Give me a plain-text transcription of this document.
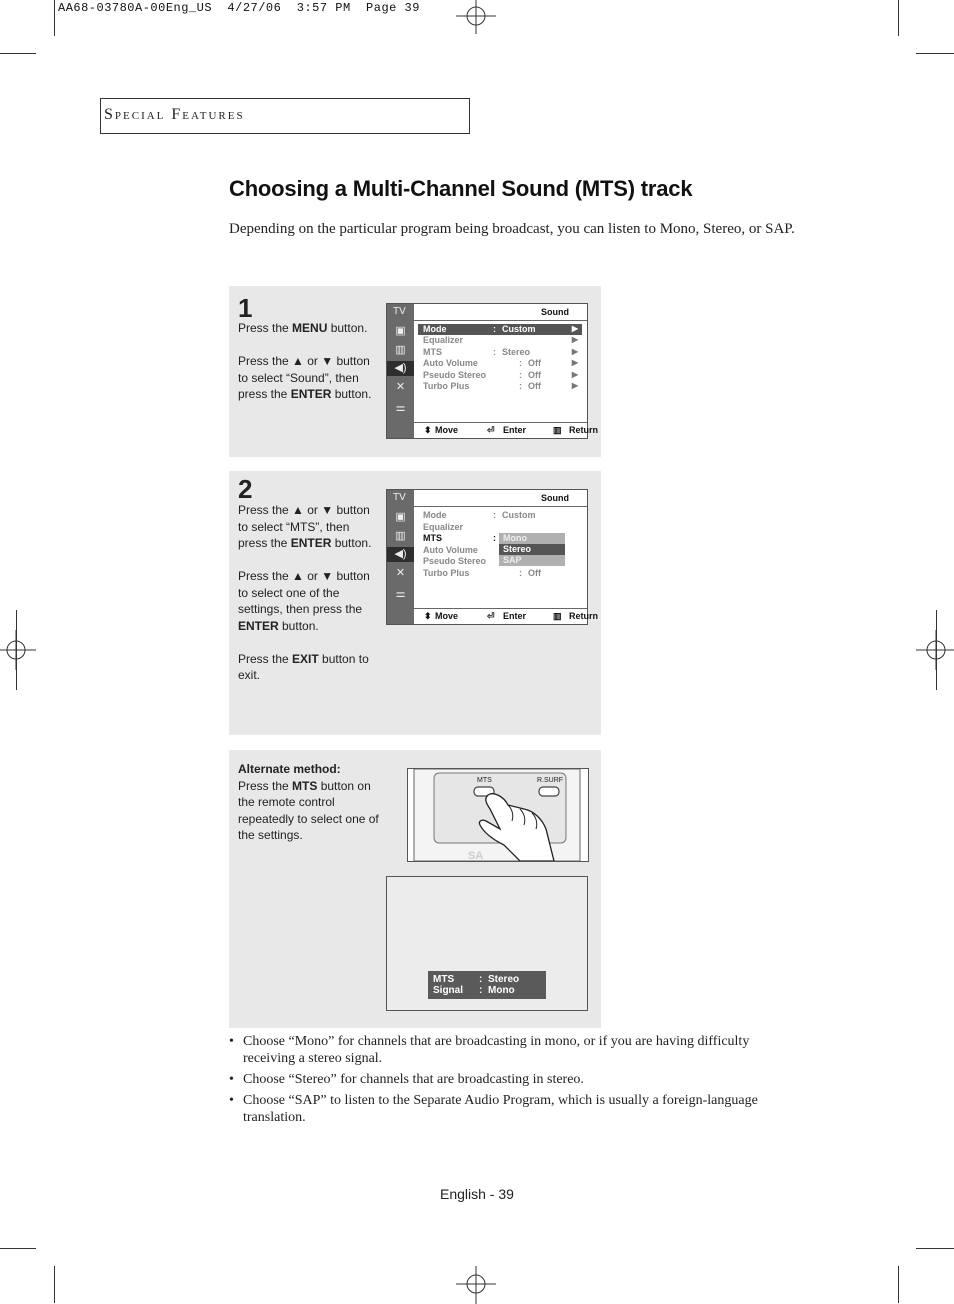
AA68-03780A-00Eng_US  4/27/06  3:57 PM  Page 39
Special Features
Choosing a Multi-Channel Sound (MTS) track
Depending on the particular program being broadcast, you can listen to Mono, Stereo, or SAP.
1

Press the MENU button.

Press the ▲ or ▼ button to select “Sound”, then press the ENTER button.

TV
▣
▥
◀)
✕
⚌
Sound
Mode	: Custom	▶
Equalizer	▶
MTS	: Stereo	▶
Auto Volume	: Off	▶
Pseudo Stereo	: Off	▶
Turbo Plus	: Off	▶
⬍ Move	⏎ Enter	▥ Return
2

Press the ▲ or ▼ button to select “MTS”, then press the ENTER button.

Press the ▲ or ▼ button to select one of the settings, then press the ENTER button.

Press the EXIT button to exit.

TV
▣
▥
◀)
✕
⚌
Sound
Mode	: Custom
Equalizer
MTS	:
Auto Volume
Pseudo Stereo
Turbo Plus	: Off
Mono
Stereo
SAP
⬍ Move	⏎ Enter	▥ Return
Alternate method:
Press the MTS button on the remote control repeatedly to select one of the settings.
SA
MTS	R.SURF
MTS : Stereo
Signal : Mono
• Choose “Mono” for channels that are broadcasting in mono, or if you are having difficulty receiving a stereo signal.
• Choose “Stereo” for channels that are broadcasting in stereo.
• Choose “SAP” to listen to the Separate Audio Program, which is usually a foreign-language translation.
English - 39
